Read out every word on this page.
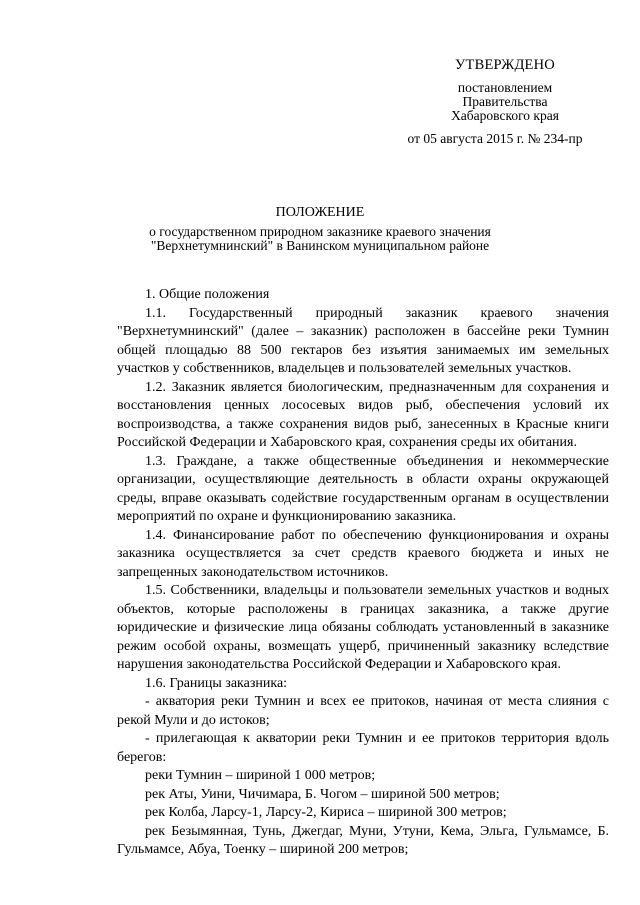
УТВЕРЖДЕНО
постановлением
Правительства
Хабаровского края
от 05 августа 2015 г. № 234-пр
ПОЛОЖЕНИЕ
о государственном природном заказнике краевого значения
"Верхнетумнинский" в Ванинском муниципальном районе

1. Общие положения

1.1. Государственный природный заказник краевого значения "Верхнетумнинский" (далее – заказник) расположен в бассейне реки Тумнин общей площадью 88 500 гектаров без изъятия занимаемых им земельных участков у собственников, владельцев и пользователей земельных участков.

1.2. Заказник является биологическим, предназначенным для сохранения и восстановления ценных лососевых видов рыб, обеспечения условий их воспроизводства, а также сохранения видов рыб, занесенных в Красные книги Российской Федерации и Хабаровского края, сохранения среды их обитания.

1.3. Граждане, а также общественные объединения и некоммерческие организации, осуществляющие деятельность в области охраны окружающей среды, вправе оказывать содействие государственным органам в осуществлении мероприятий по охране и функционированию заказника.

1.4. Финансирование работ по обеспечению функционирования и охраны заказника осуществляется за счет средств краевого бюджета и иных не запрещенных законодательством источников.

1.5. Собственники, владельцы и пользователи земельных участков и водных объектов, которые расположены в границах заказника, а также другие юридические и физические лица обязаны соблюдать установленный в заказнике режим особой охраны, возмещать ущерб, причиненный заказнику вследствие нарушения законодательства Российской Федерации и Хабаровского края.

1.6. Границы заказника:

- акватория реки Тумнин и всех ее притоков, начиная от места слияния с рекой Мули и до истоков;

- прилегающая к акватории реки Тумнин и ее притоков территория вдоль берегов:

реки Тумнин – шириной 1 000 метров;

рек Аты, Уини, Чичимара, Б. Чогом – шириной 500 метров;

рек Колба, Ларсу-1, Ларсу-2, Кириса – шириной 300 метров;

рек Безымянная, Тунь, Джегдаг, Муни, Утуни, Кема, Эльга, Гульмамсе, Б. Гульмамсе, Абуа, Тоенку – шириной 200 метров;
